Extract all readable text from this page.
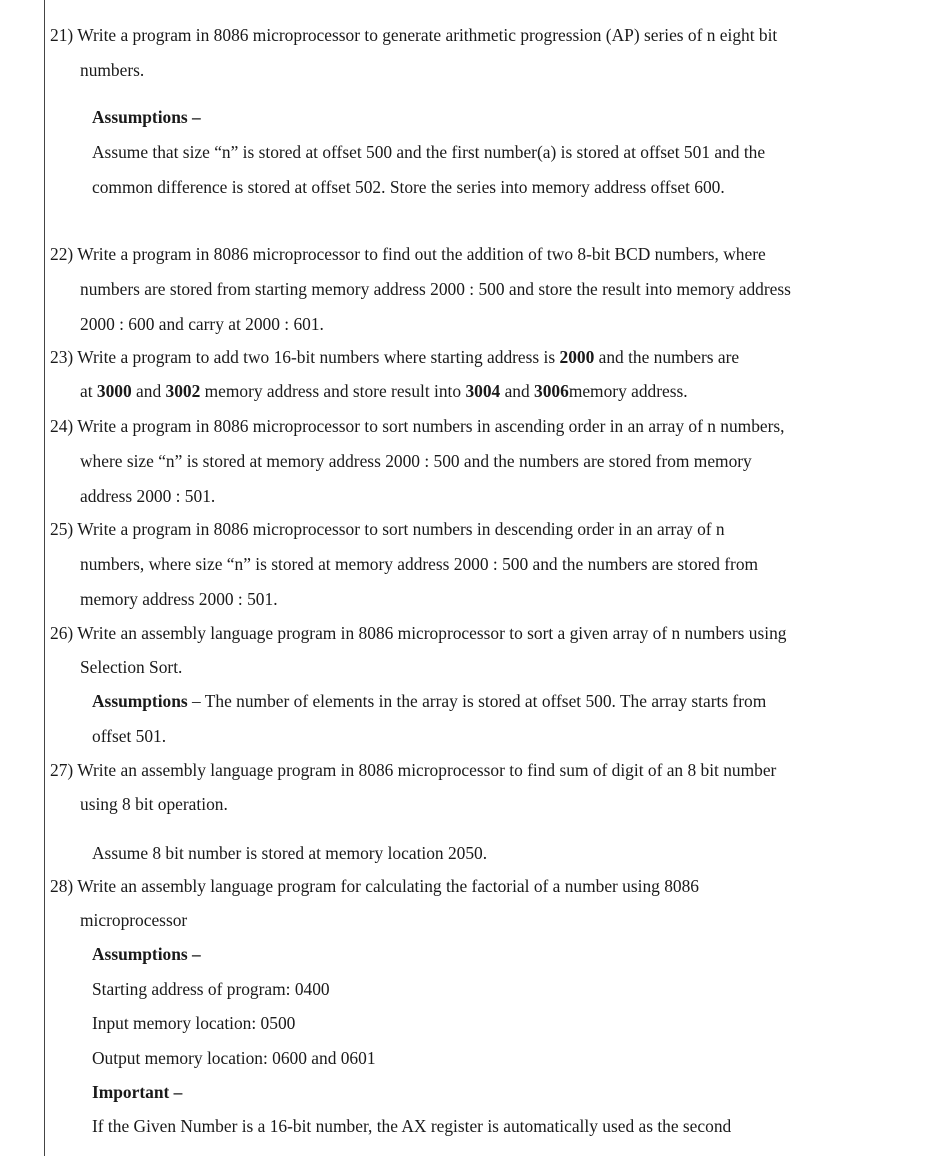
21) Write a program in 8086 microprocessor to generate arithmetic progression (AP) series of n eight bit
numbers.
Assumptions –
Assume that size “n” is stored at offset 500 and the first number(a) is stored at offset 501 and the
common difference is stored at offset 502. Store the series into memory address offset 600.
22) Write a program in 8086 microprocessor to find out the addition of two 8-bit BCD numbers, where
numbers are stored from starting memory address 2000 : 500 and store the result into memory address
2000 : 600 and carry at 2000 : 601.
23) Write a program to add two 16-bit numbers where starting address is 2000 and the numbers are
at 3000 and 3002 memory address and store result into 3004 and 3006memory address.
24) Write a program in 8086 microprocessor to sort numbers in ascending order in an array of n numbers,
where size “n” is stored at memory address 2000 : 500 and the numbers are stored from memory
address 2000 : 501.
25) Write a program in 8086 microprocessor to sort numbers in descending order in an array of n
numbers, where size “n” is stored at memory address 2000 : 500 and the numbers are stored from
memory address 2000 : 501.
26) Write an assembly language program in 8086 microprocessor to sort a given array of n numbers using
Selection Sort.
Assumptions – The number of elements in the array is stored at offset 500. The array starts from
offset 501.
27) Write an assembly language program in 8086 microprocessor to find sum of digit of an 8 bit number
using 8 bit operation.
Assume 8 bit number is stored at memory location 2050.
28) Write an assembly language program for calculating the factorial of a number using 8086
microprocessor
Assumptions –
Starting address of program: 0400
Input memory location: 0500
Output memory location: 0600 and 0601
Important –
If the Given Number is a 16-bit number, the AX register is automatically used as the second
